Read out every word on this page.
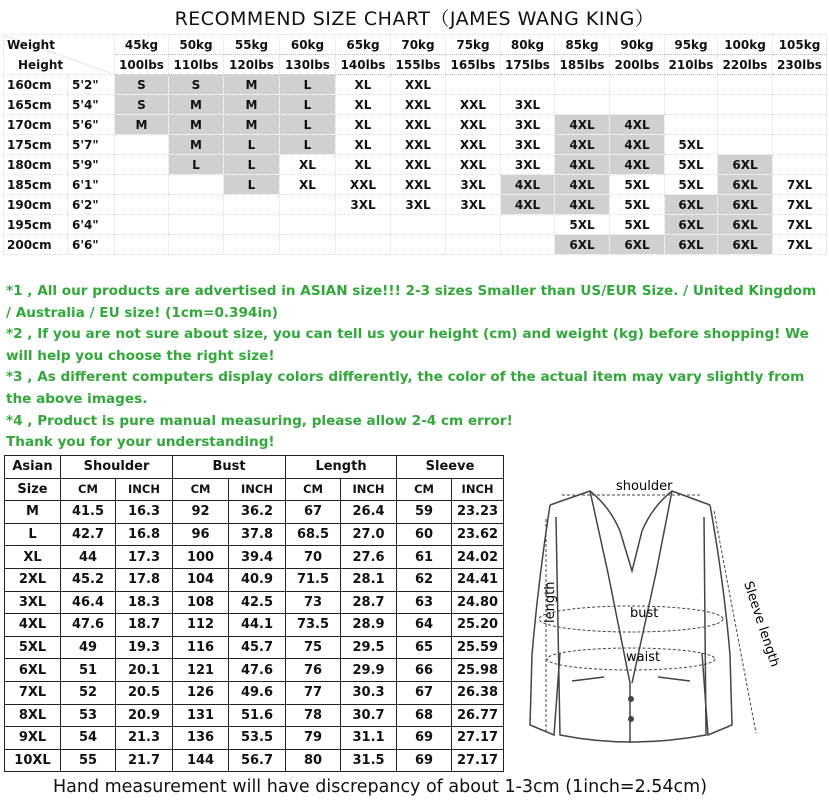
RECOMMEND SIZE CHART（JAMES WANG KING）
Weight
Height		45kg	50kg	55kg	60kg	65kg	70kg	75kg	80kg	85kg	90kg	95kg	100kg	105kg
		100lbs	110lbs	120lbs	130lbs	140lbs	155lbs	165lbs	175lbs	185lbs	200lbs	210lbs	220lbs	230lbs
160cm	5'2"	S	S	M	L	XL	XXL							
165cm	5'4"	S	M	M	L	XL	XXL	XXL	3XL					
170cm	5'6"	M	M	M	L	XL	XXL	XXL	3XL	4XL	4XL			
175cm	5'7"		M	L	L	XL	XXL	XXL	3XL	4XL	4XL	5XL		
180cm	5'9"		L	L	XL	XL	XXL	XXL	3XL	4XL	4XL	5XL	6XL	
185cm	6'1"			L	XL	XXL	XXL	3XL	4XL	4XL	5XL	5XL	6XL	7XL
190cm	6'2"					3XL	3XL	3XL	4XL	4XL	5XL	6XL	6XL	7XL
195cm	6'4"									5XL	5XL	6XL	6XL	7XL
200cm	6'6"									6XL	6XL	6XL	6XL	7XL

*1 , All our products are advertised in ASIAN size!!! 2-3 sizes Smaller than US/EUR Size. / United Kingdom / Australia / EU size! (1cm=0.394in)

*2 , If you are not sure about size, you can tell us your height (cm) and weight (kg) before shopping! We will help you choose the right size!

*3 , As different computers display colors differently, the color of the actual item may vary slightly from the above images.

*4 , Product is pure manual measuring, please allow 2-4 cm error!

Thank you for your understanding!

Asian	Shoulder		Bust		Length		Sleeve	
Size	CM	INCH	CM	INCH	CM	INCH	CM	INCH
M	41.5	16.3	92	36.2	67	26.4	59	23.23
L	42.7	16.8	96	37.8	68.5	27.0	60	23.62
XL	44	17.3	100	39.4	70	27.6	61	24.02
2XL	45.2	17.8	104	40.9	71.5	28.1	62	24.41
3XL	46.4	18.3	108	42.5	73	28.7	63	24.80
4XL	47.6	18.7	112	44.1	73.5	28.9	64	25.20
5XL	49	19.3	116	45.7	75	29.5	65	25.59
6XL	51	20.1	121	47.6	76	29.9	66	25.98
7XL	52	20.5	126	49.6	77	30.3	67	26.38
8XL	53	20.9	131	51.6	78	30.7	68	26.77
9XL	54	21.3	136	53.5	79	31.1	69	27.17
10XL	55	21.7	144	56.7	80	31.5	69	27.17
shoulder
length	bust
waist	Sleeve length
Hand measurement will have discrepancy of about 1-3cm (1inch=2.54cm)
